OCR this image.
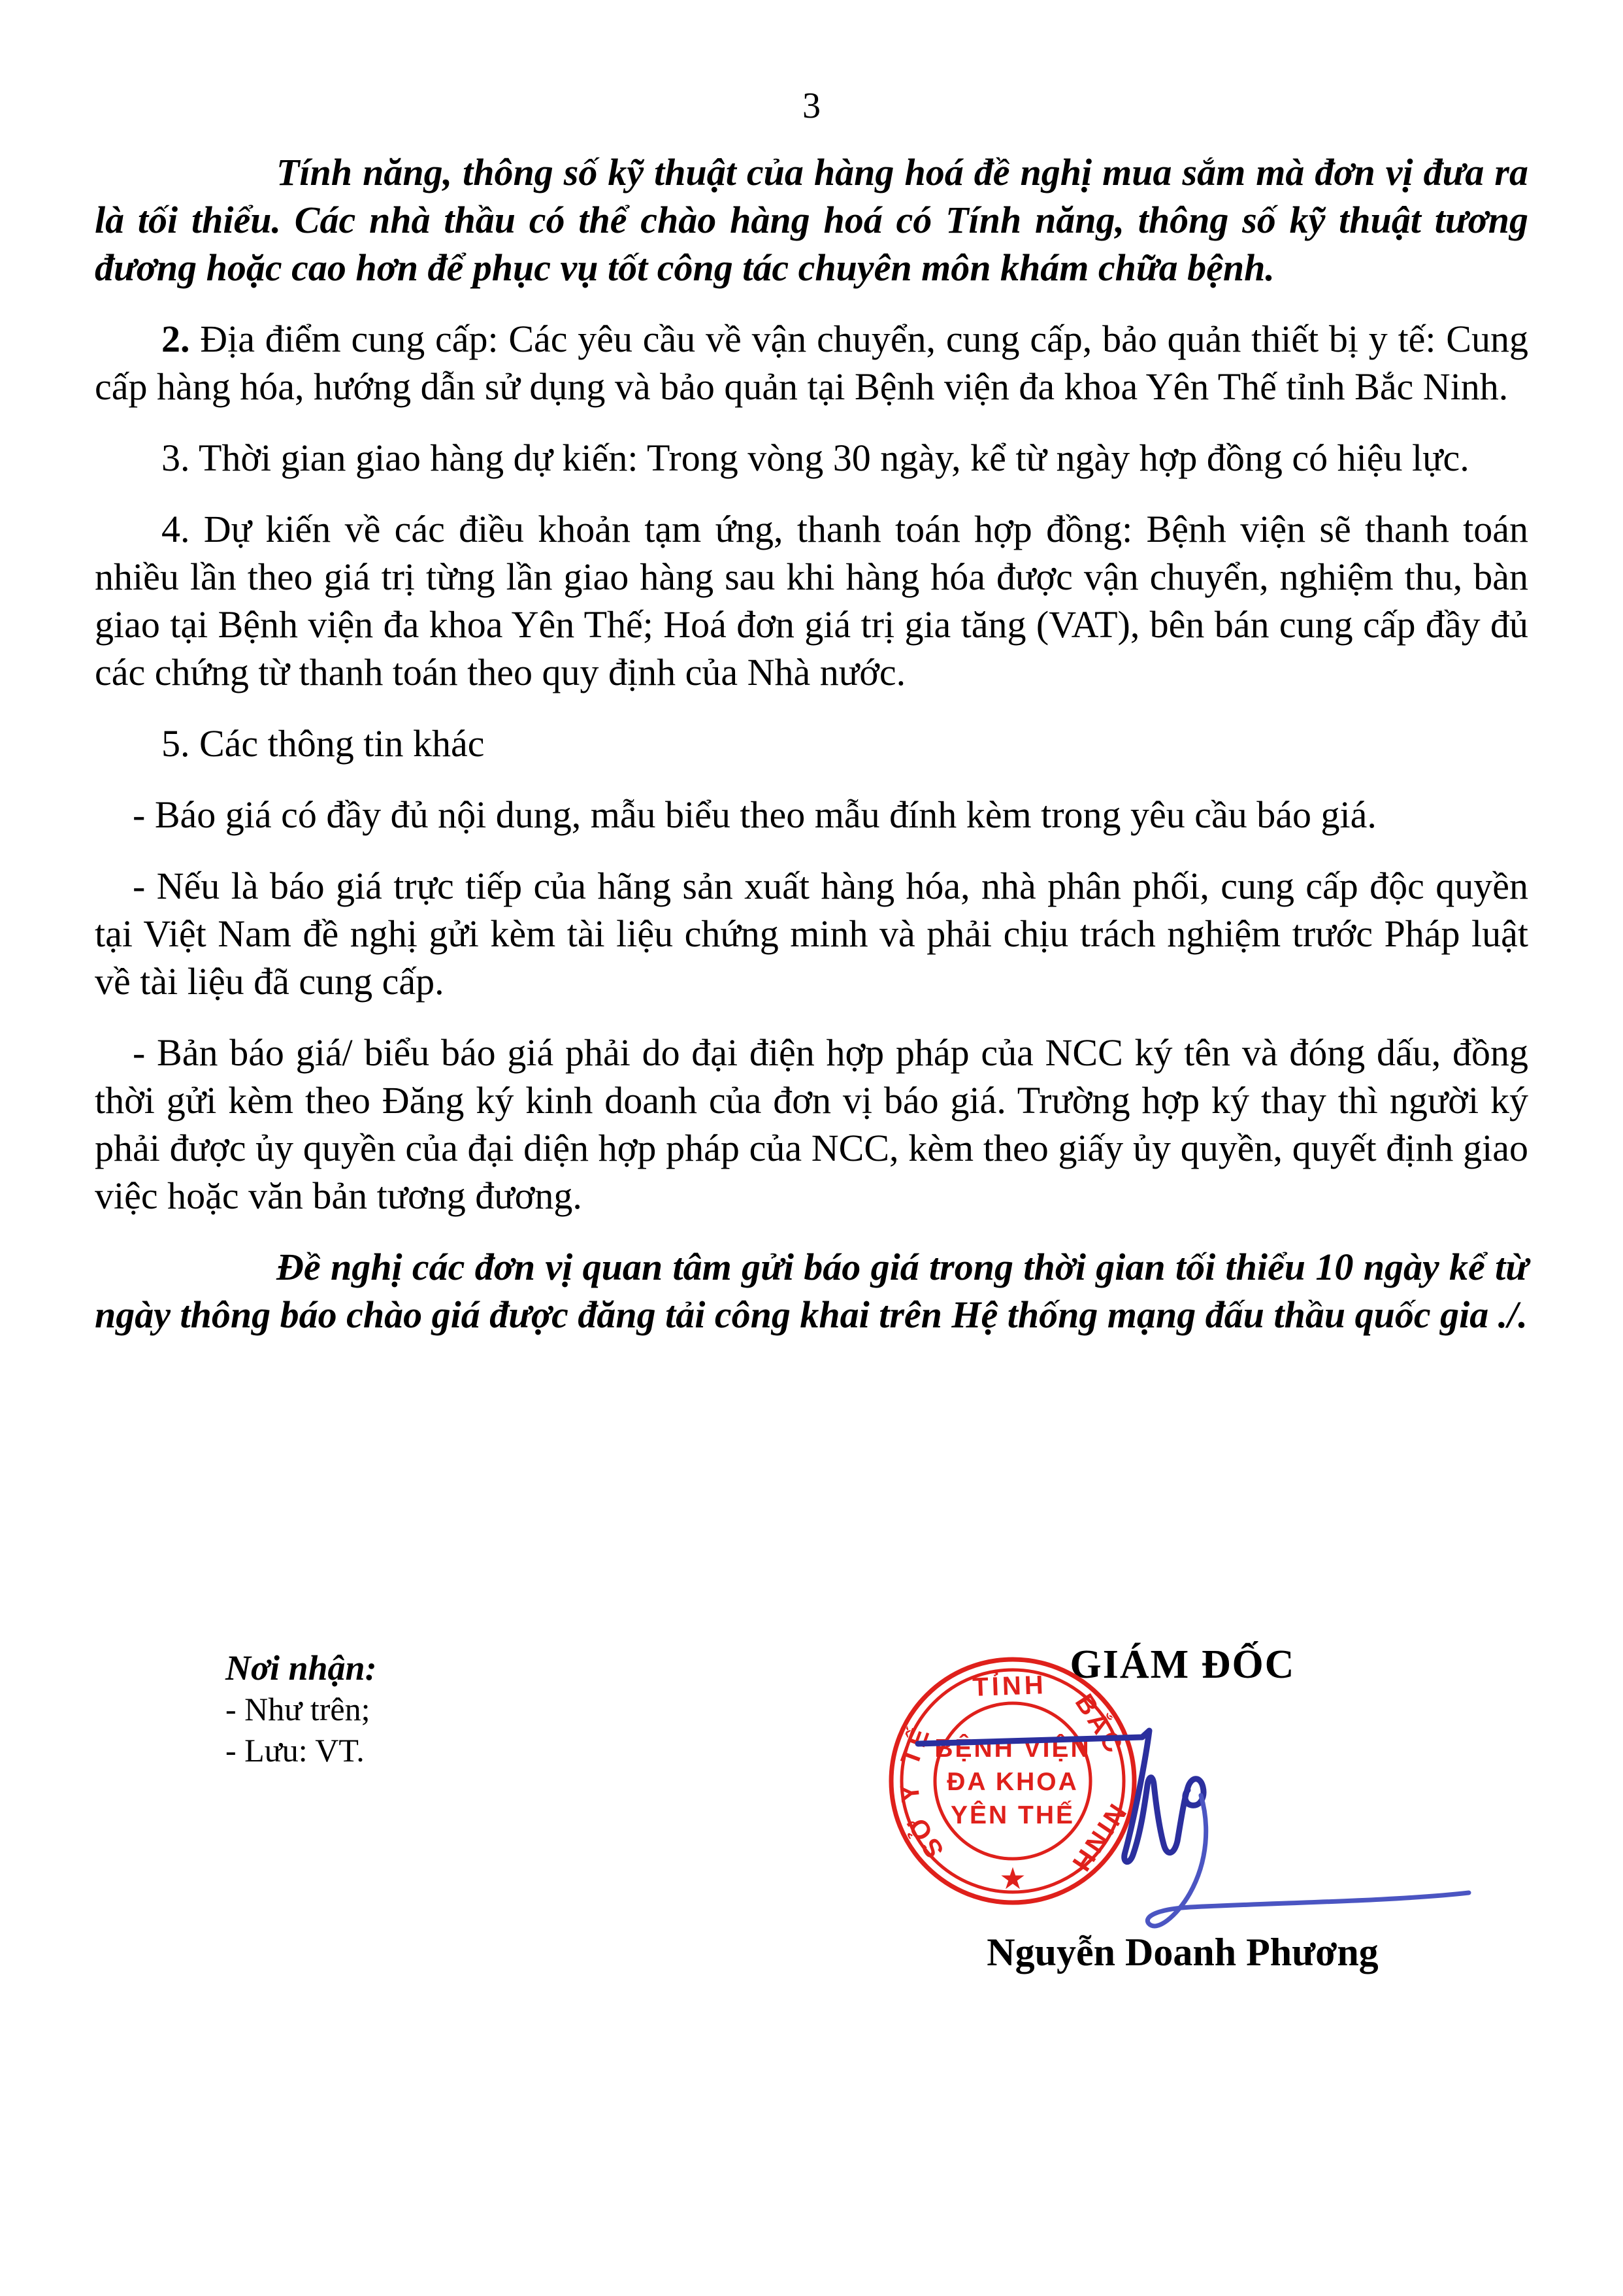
3

Tính năng, thông số kỹ thuật của hàng hoá đề nghị mua sắm mà đơn vị đưa ra là tối thiểu. Các nhà thầu có thể chào hàng hoá có Tính năng, thông số kỹ thuật tương đương hoặc cao hơn để phục vụ tốt công tác chuyên môn khám chữa bệnh.

2. Địa điểm cung cấp: Các yêu cầu về vận chuyển, cung cấp, bảo quản thiết bị y tế: Cung cấp hàng hóa, hướng dẫn sử dụng và bảo quản tại Bệnh viện đa khoa Yên Thế tỉnh Bắc Ninh.

3. Thời gian giao hàng dự kiến: Trong vòng 30 ngày, kể từ ngày hợp đồng có hiệu lực.

4. Dự kiến về các điều khoản tạm ứng, thanh toán hợp đồng: Bệnh viện sẽ thanh toán nhiều lần theo giá trị từng lần giao hàng sau khi hàng hóa được vận chuyển, nghiệm thu, bàn giao tại Bệnh viện đa khoa Yên Thế; Hoá đơn giá trị gia tăng (VAT), bên bán cung cấp đầy đủ các chứng từ thanh toán theo quy định của Nhà nước.

5. Các thông tin khác

- Báo giá có đầy đủ nội dung, mẫu biểu theo mẫu đính kèm trong yêu cầu báo giá.

- Nếu là báo giá trực tiếp của hãng sản xuất hàng hóa, nhà phân phối, cung cấp độc quyền tại Việt Nam đề nghị gửi kèm tài liệu chứng minh và phải chịu trách nghiệm trước Pháp luật về tài liệu đã cung cấp.

- Bản báo giá/ biểu báo giá phải do đại điện hợp pháp của NCC ký tên và đóng dấu, đồng thời gửi kèm theo Đăng ký kinh doanh của đơn vị báo giá. Trường hợp ký thay thì người ký phải được ủy quyền của đại diện hợp pháp của NCC, kèm theo giấy ủy quyền, quyết định giao việc hoặc văn bản tương đương.

Đề nghị các đơn vị quan tâm gửi báo giá trong thời gian tối thiểu 10 ngày kể từ ngày thông báo chào giá được đăng tải công khai trên Hệ thống mạng đấu thầu quốc gia ./.

Nơi nhận:
- Như trên;
- Lưu: VT.
GIÁM ĐỐC
SỞ
Y
TẾ
TỈNH
BẮC
NINH
★
BỆNH VIỆN
ĐA KHOA
YÊN THẾ
Nguyễn Doanh Phương
